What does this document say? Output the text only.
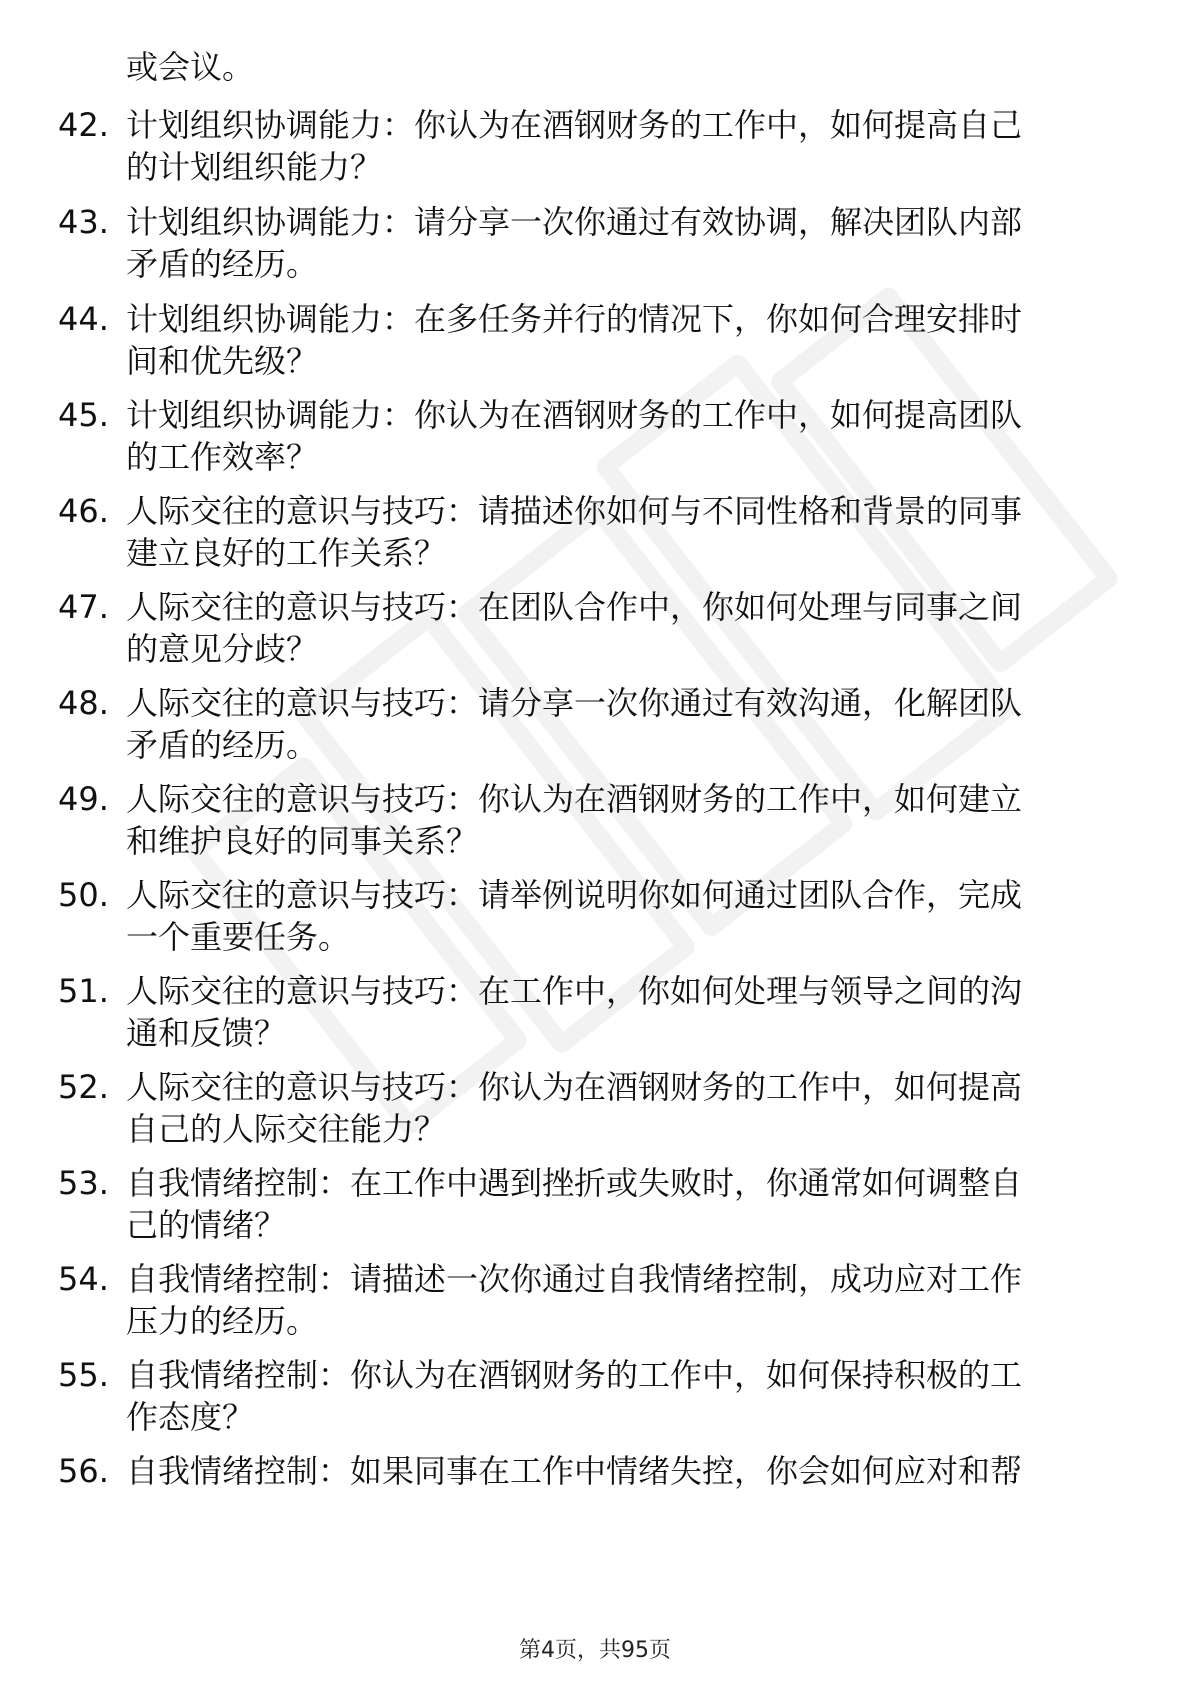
或会议。
42. 计划组织协调能力：你认为在酒钢财务的工作中，如何提高自己
的计划组织能力？
43. 计划组织协调能力：请分享一次你通过有效协调，解决团队内部
矛盾的经历。
44. 计划组织协调能力：在多任务并行的情况下，你如何合理安排时
间和优先级？
45. 计划组织协调能力：你认为在酒钢财务的工作中，如何提高团队
的工作效率？
46. 人际交往的意识与技巧：请描述你如何与不同性格和背景的同事
建立良好的工作关系？
47. 人际交往的意识与技巧：在团队合作中，你如何处理与同事之间
的意见分歧？
48. 人际交往的意识与技巧：请分享一次你通过有效沟通，化解团队
矛盾的经历。
49. 人际交往的意识与技巧：你认为在酒钢财务的工作中，如何建立
和维护良好的同事关系？
50. 人际交往的意识与技巧：请举例说明你如何通过团队合作，完成
一个重要任务。
51. 人际交往的意识与技巧：在工作中，你如何处理与领导之间的沟
通和反馈？
52. 人际交往的意识与技巧：你认为在酒钢财务的工作中，如何提高
自己的人际交往能力？
53. 自我情绪控制：在工作中遇到挫折或失败时，你通常如何调整自
己的情绪？
54. 自我情绪控制：请描述一次你通过自我情绪控制，成功应对工作
压力的经历。
55. 自我情绪控制：你认为在酒钢财务的工作中，如何保持积极的工
作态度？
56. 自我情绪控制：如果同事在工作中情绪失控，你会如何应对和帮
第4页，共95页
